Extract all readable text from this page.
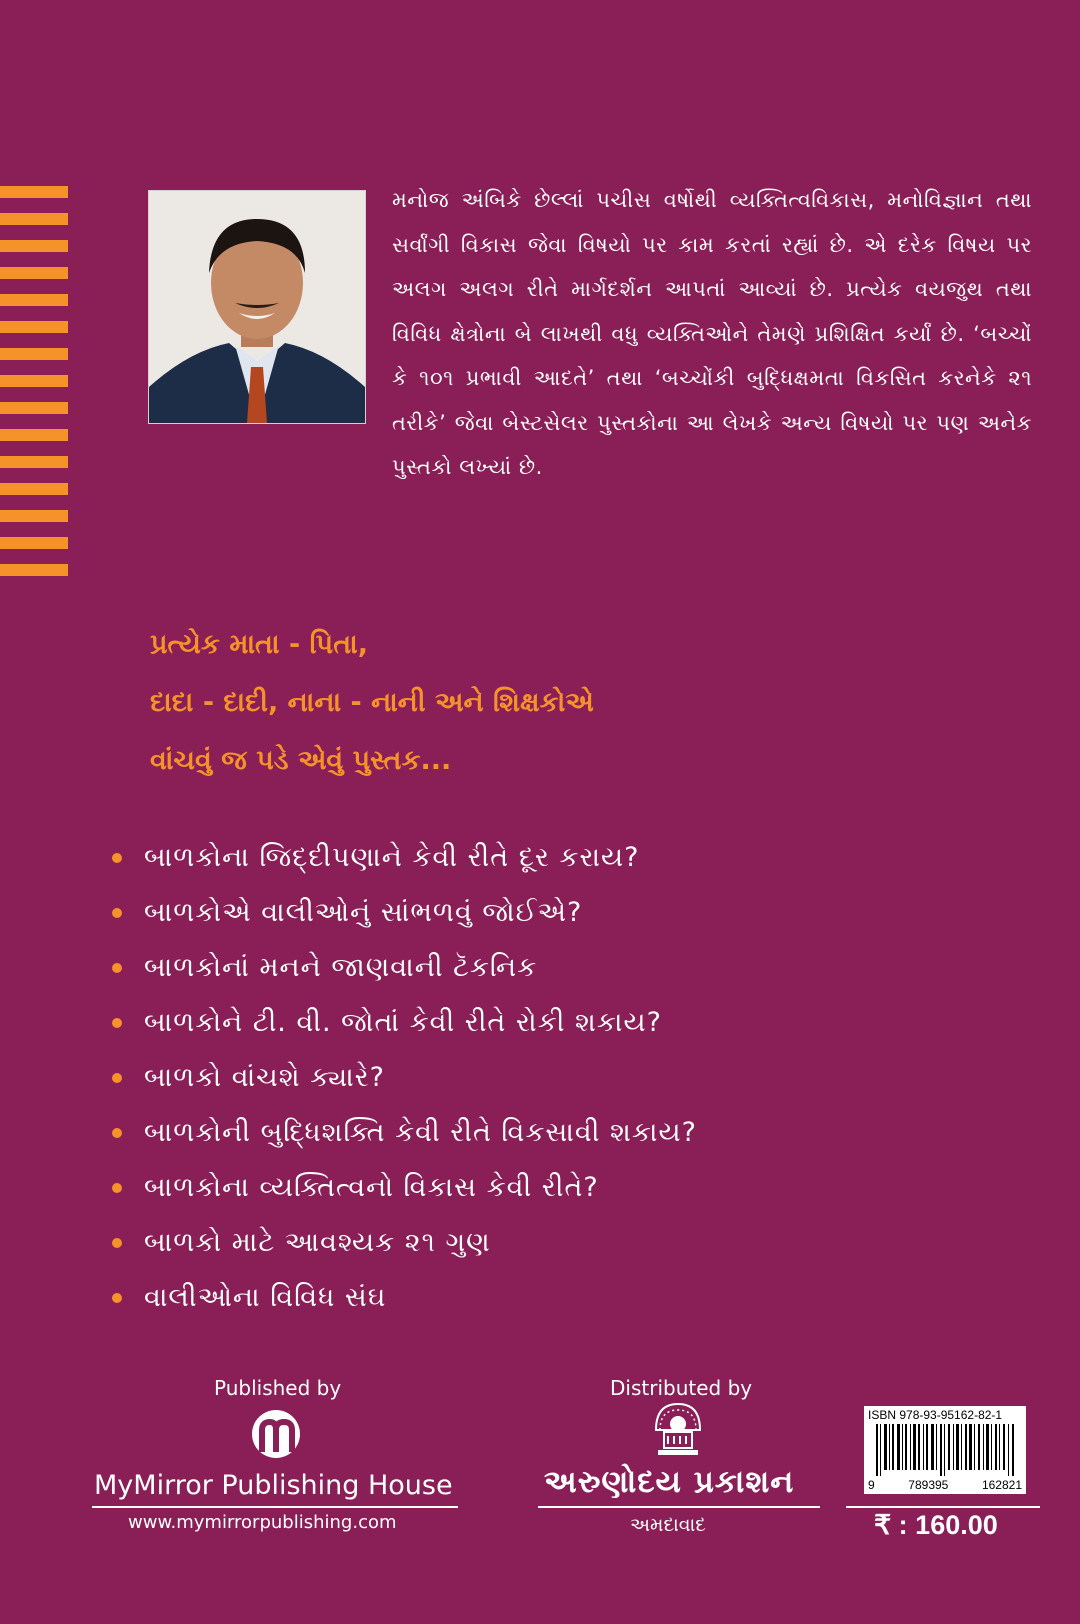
મનોજ અંબિકે છેલ્લાં પચીસ વર્ષોથી વ્યક્તિત્વવિકાસ, મનોવિજ્ઞાન તથા સર્વાંગી વિકાસ જેવા વિષયો પર કામ કરતાં રહ્યાં છે. એ દરેક વિષય પર અલગ અલગ રીતે માર્ગદર્શન આપતાં આવ્યાં છે. પ્રત્યેક વયજુથ તથા વિવિધ ક્ષેત્રોના બે લાખથી વધુ વ્યક્તિઓને તેમણે પ્રશિક્ષિત કર્યાં છે. ‘બચ્ચોં કે ૧૦૧ પ્રભાવી આદતે’ તથા ‘બચ્ચોંકી બુદ્ધિક્ષમતા વિકસિત કરનેકે ૨૧ તરીકે’ જેવા બેસ્ટસેલર પુસ્તકોના આ લેખકે અન્ય વિષયો પર પણ અનેક પુસ્તકો લખ્યાં છે.
પ્રત્યેક માતા - પિતા,
દાદા - દાદી, નાના - નાની અને શિક્ષકોએ
વાંચવું જ પડે એવું પુસ્તક...
બાળકોના જિદ્દીપણાને કેવી રીતે દૂર કરાય?
બાળકોએ વાલીઓનું સાંભળવું જોઈએ?
બાળકોનાં મનને જાણવાની ટૅકનિક
બાળકોને ટી. વી. જોતાં કેવી રીતે રોકી શકાય?
બાળકો વાંચશે ક્યારે?
બાળકોની બુદ્ધિશક્તિ કેવી રીતે વિકસાવી શકાય?
બાળકોના વ્યક્તિત્વનો વિકાસ કેવી રીતે?
બાળકો માટે આવશ્યક ૨૧ ગુણ
વાલીઓના વિવિધ સંઘ
Published by
MyMirror Publishing House
www.mymirrorpublishing.com
Distributed by
અરુણોદય પ્રકાશન
અમદાવાદ
ISBN 978-93-95162-82-1
9	789395	162821
₹ : 160.00
